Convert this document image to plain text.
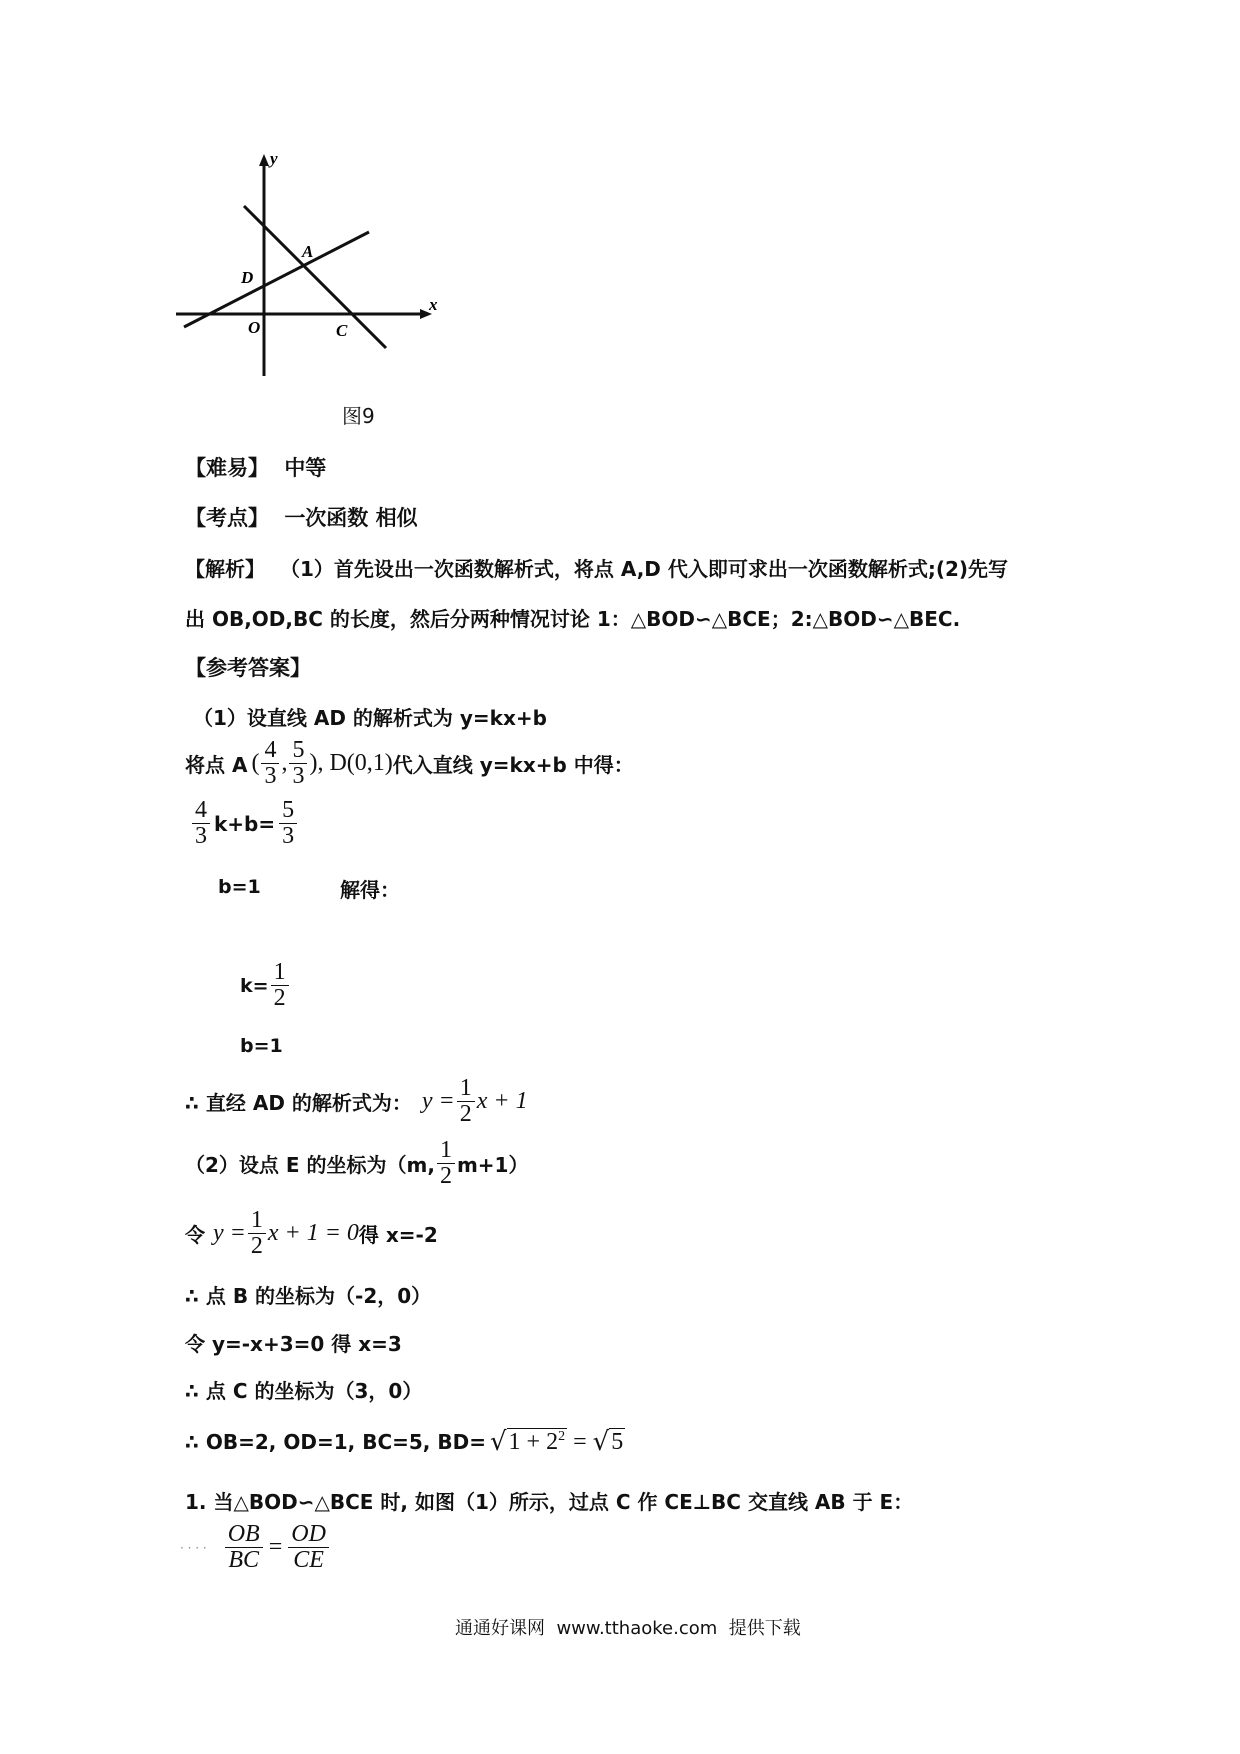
y
x
A
D
O	C
图9
【难易】 中等
【考点】 一次函数 相似
【解析】 （1）首先设出一次函数解析式，将点 A,D 代入即可求出一次函数解析式;(2)先写
出 OB,OD,BC 的长度，然后分两种情况讨论 1：△BOD∽△BCE；2:△BOD∽△BEC.
【参考答案】
（1）设直线 AD 的解析式为 y=kx+b
将点 A ( $\frac{4}{3}$ , $\frac{5}{3}$ ), D(0,1) 代入直线 y=kx+b 中得：
$\frac{4}{3} k+b= \frac{5}{3}$
b=1	解得：
$k= \frac{1}{2}$
b=1
∴ 直经 AD 的解析式为： $y = \frac{1}{2}$ x + 1
（2）设点 E 的坐标为（m, $\frac{1}{2} m+1$）
令 $y = \frac{1}{2}$ x + 1 = 0 得 x=-2
∴ 点 B 的坐标为（-2，0）
令 y=-x+3=0 得 x=3
∴ 点 C 的坐标为（3，0）
∴ OB=2, OD=1, BC=5, BD= √ $1 + 2^2$ = √ 5
1. 当△BOD∽△BCE 时, 如图（1）所示，过点 C 作 CE⊥BC 交直线 AB 于 E：
· · · · $\frac{OB}{BC} = \frac{OD}{CE}$
通通好课网  www.tthaoke.com  提供下载
